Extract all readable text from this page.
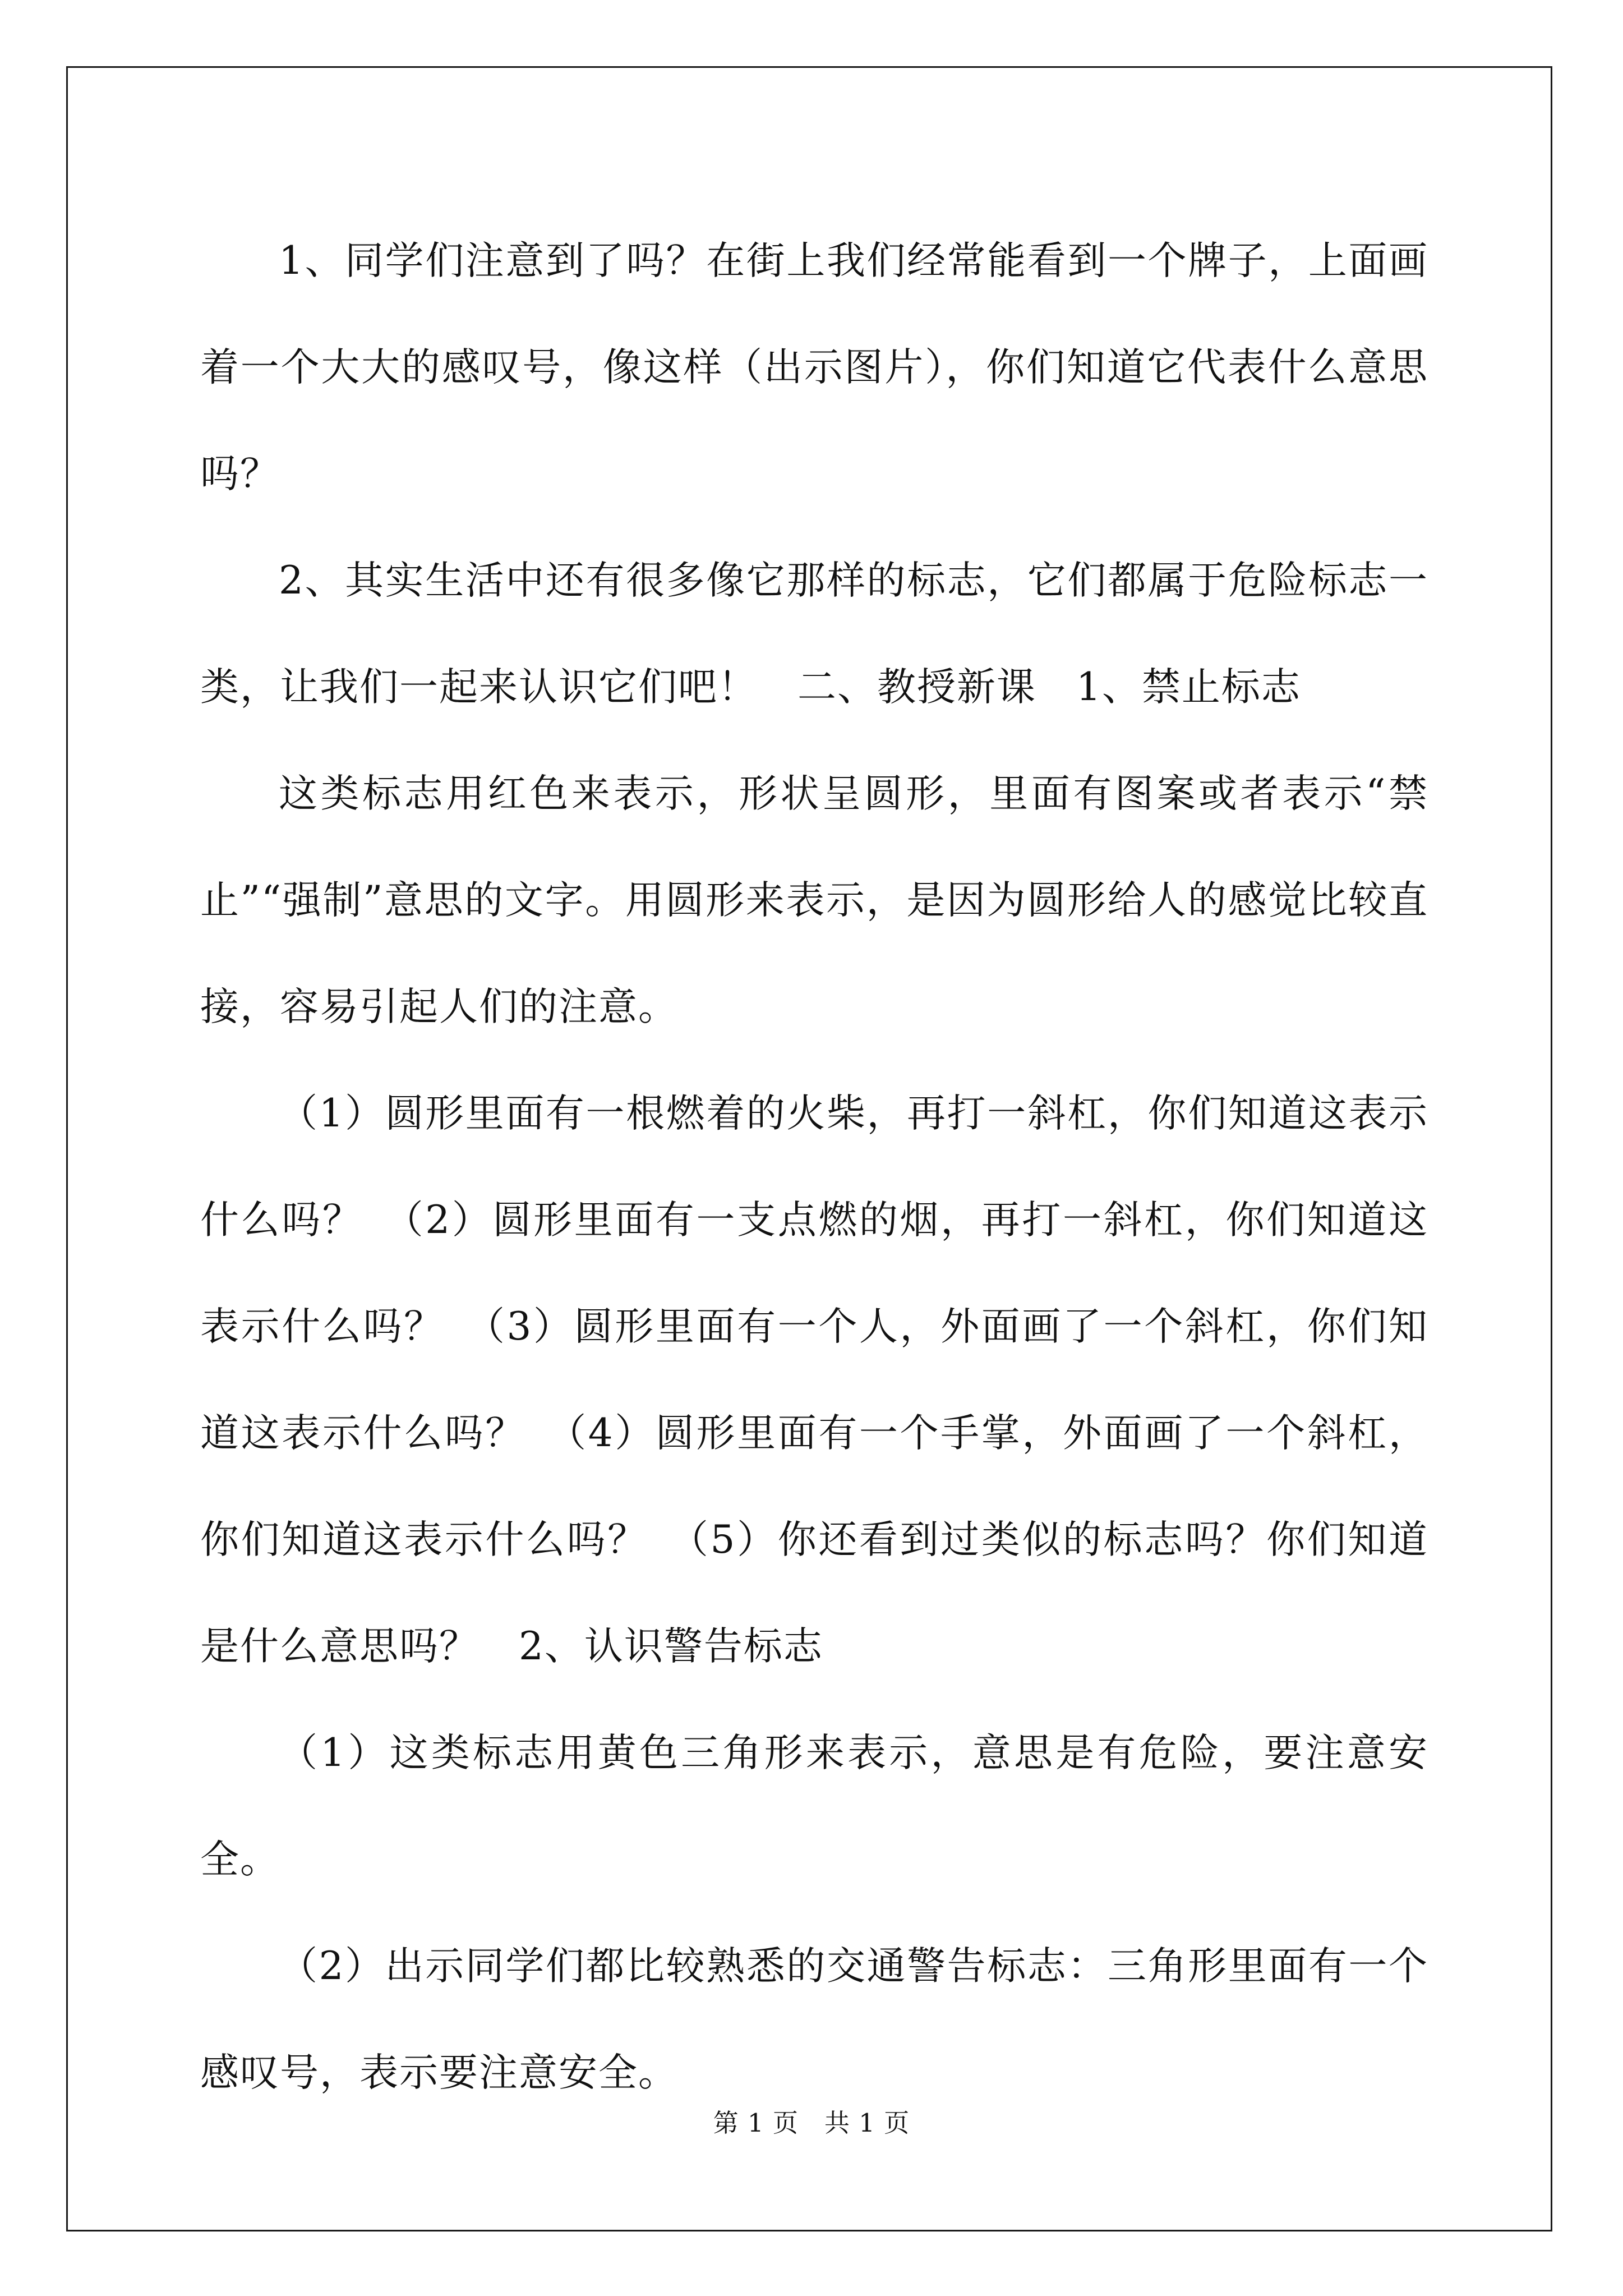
1、同学们注意到了吗？在街上我们经常能看到一个牌子，上面画着一个大大的感叹号，像这样（出示图片），你们知道它代表什么意思吗？

2、其实生活中还有很多像它那样的标志，它们都属于危险标志一类，让我们一起来认识它们吧！　二、教授新课　1、禁止标志

这类标志用红色来表示，形状呈圆形，里面有图案或者表示“禁止”“强制”意思的文字。用圆形来表示，是因为圆形给人的感觉比较直接，容易引起人们的注意。

（1）圆形里面有一根燃着的火柴，再打一斜杠，你们知道这表示什么吗？　（2）圆形里面有一支点燃的烟，再打一斜杠，你们知道这表示什么吗？　（3）圆形里面有一个人，外面画了一个斜杠，你们知道这表示什么吗？　（4）圆形里面有一个手掌，外面画了一个斜杠，你们知道这表示什么吗？　（5）你还看到过类似的标志吗？你们知道是什么意思吗？　2、认识警告标志

（1）这类标志用黄色三角形来表示，意思是有危险，要注意安全。

（2）出示同学们都比较熟悉的交通警告标志：三角形里面有一个感叹号，表示要注意安全。

第 1 页　共 1 页
